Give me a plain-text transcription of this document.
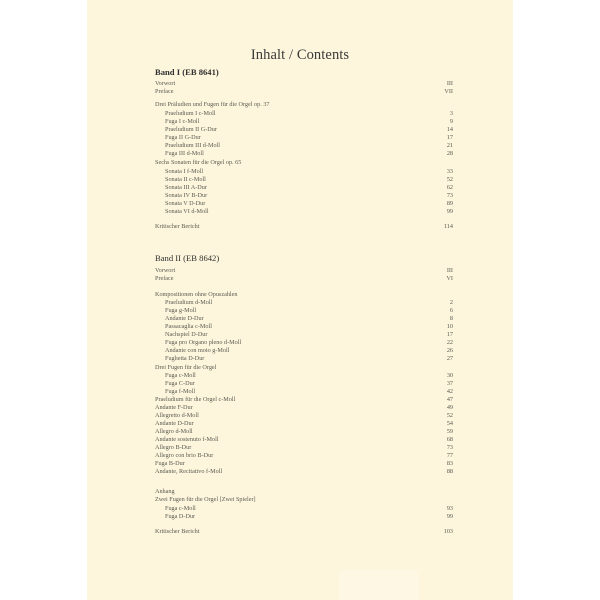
Inhalt / Contents
Band I (EB 8641)
Vorwort	III
Preface	VII
Drei Präludien und Fugen für die Orgel op. 37
Praeludium I c-Moll	3
Fuga I c-Moll	9
Praeludium II G-Dur	14
Fuga II G-Dur	17
Praeludium III d-Moll	21
Fuga III d-Moll	28
Sechs Sonaten für die Orgel op. 65
Sonata I f-Moll	33
Sonata II c-Moll	52
Sonata III A-Dur	62
Sonata IV B-Dur	73
Sonata V D-Dur	89
Sonata VI d-Moll	99
Kritischer Bericht	114
Band II (EB 8642)
Vorwort	III
Preface	VI
Kompositionen ohne Opuszahlen
Praeludium d-Moll	2
Fuga g-Moll	6
Andante D-Dur	8
Passacaglia c-Moll	10
Nachspiel D-Dur	17
Fuga pro Organo pleno d-Moll	22
Andante con moto g-Moll	26
Fughetta D-Dur	27
Drei Fugen für die Orgel
Fuga c-Moll	30
Fuga C-Dur	37
Fuga f-Moll	42
Praeludium für die Orgel c-Moll	47
Andante F-Dur	49
Allegretto d-Moll	52
Andante D-Dur	54
Allegro d-Moll	59
Andante sostenuto f-Moll	68
Allegro B-Dur	73
Allegro con brio B-Dur	77
Fuga B-Dur	83
Andante, Recitativo f-Moll	88
Anhang
Zwei Fugen für die Orgel [Zwei Spieler]
Fuga c-Moll	93
Fuga D-Dur	99
Kritischer Bericht	103
